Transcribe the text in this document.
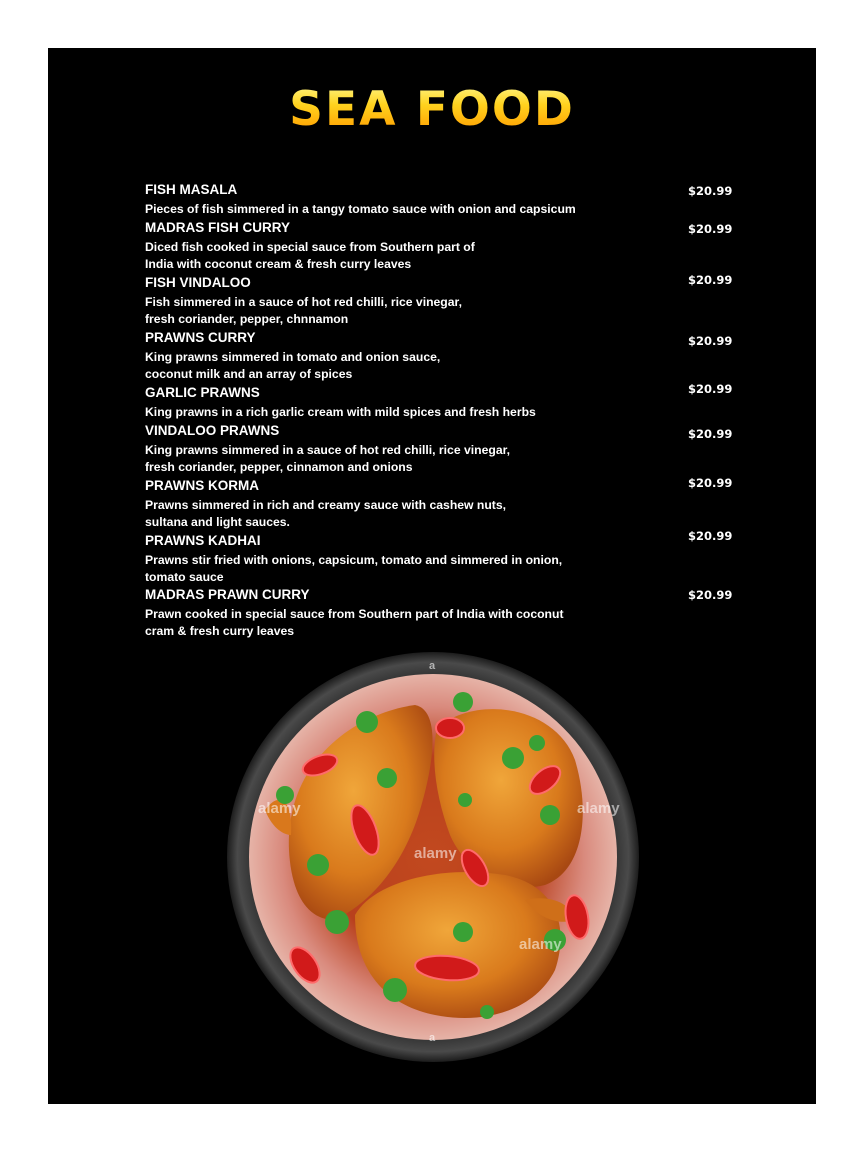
SEA FOOD
FISH MASALA
Pieces of fish simmered in a tangy tomato sauce with onion and capsicum
$20.99
MADRAS FISH CURRY
Diced fish cooked in special sauce from Southern part of
India with coconut cream & fresh curry leaves
$20.99
FISH VINDALOO
Fish simmered in a sauce of hot red chilli, rice vinegar,
fresh coriander, pepper, chnnamon
$20.99
PRAWNS CURRY
King prawns simmered in tomato and onion sauce,
coconut milk and an array of spices
$20.99
GARLIC PRAWNS
King prawns in a rich garlic cream with mild spices and fresh herbs
$20.99
VINDALOO PRAWNS
King prawns simmered in a sauce of hot red chilli, rice vinegar,
fresh coriander, pepper, cinnamon and onions
$20.99
PRAWNS KORMA
Prawns simmered in rich and creamy sauce with cashew nuts,
sultana and light sauces.
$20.99
PRAWNS KADHAI
Prawns stir fried with onions, capsicum, tomato and simmered in onion,
tomato sauce
$20.99
MADRAS PRAWN CURRY
Prawn cooked in special sauce from Southern part of India with coconut
cram & fresh curry leaves
$20.99
alamy	alamy
alamy
alamy
a
a
